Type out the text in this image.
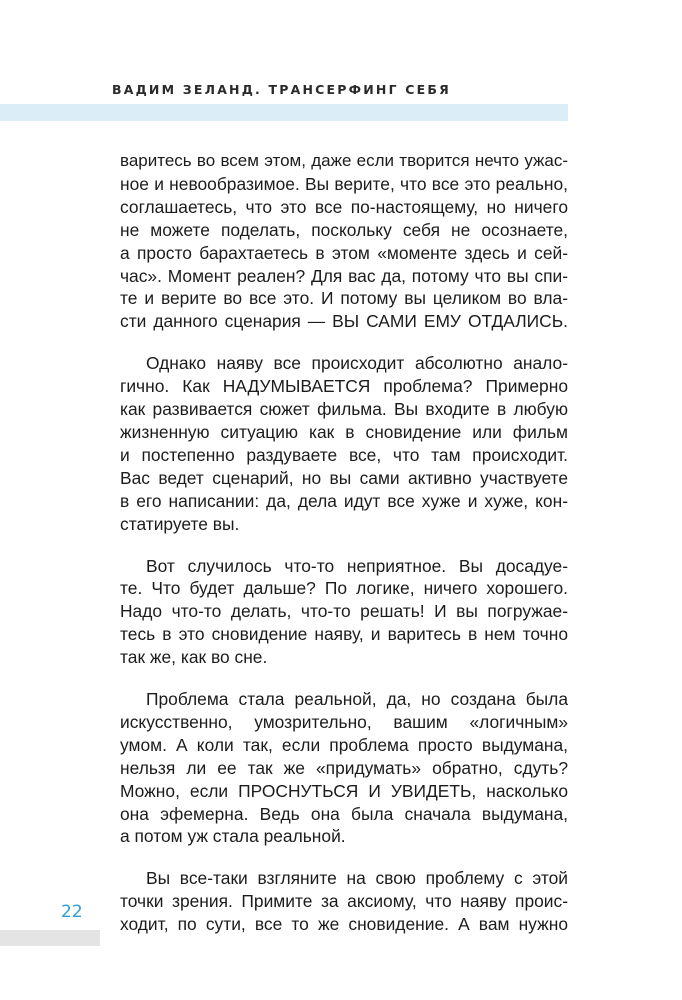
ВАДИМ ЗЕЛАНД. ТРАНСЕРФИНГ СЕБЯ
варитесь во всем этом, даже если творится нечто ужас-
ное и невообразимое. Вы верите, что все это реально,
соглашаетесь, что это все по-настоящему, но ничего
не можете поделать, поскольку себя не осознаете,
а просто барахтаетесь в этом «моменте здесь и сей-
час». Момент реален? Для вас да, потому что вы спи-
те и верите во все это. И потому вы целиком во вла-
сти данного сценария — ВЫ САМИ ЕМУ ОТДАЛИСЬ.
Однако наяву все происходит абсолютно анало-
гично. Как НАДУМЫВАЕТСЯ проблема? Примерно
как развивается сюжет фильма. Вы входите в любую
жизненную ситуацию как в сновидение или фильм
и постепенно раздуваете все, что там происходит.
Вас ведет сценарий, но вы сами активно участвуете
в его написании: да, дела идут все хуже и хуже, кон-
статируете вы.
Вот случилось что-то неприятное. Вы досадуе-
те. Что будет дальше? По логике, ничего хорошего.
Надо что-то делать, что-то решать! И вы погружае-
тесь в это сновидение наяву, и варитесь в нем точно
так же, как во сне.
Проблема стала реальной, да, но создана была
искусственно, умозрительно, вашим «логичным»
умом. А коли так, если проблема просто выдумана,
нельзя ли ее так же «придумать» обратно, сдуть?
Можно, если ПРОСНУТЬСЯ И УВИДЕТЬ, насколько
она эфемерна. Ведь она была сначала выдумана,
а потом уж стала реальной.
Вы все-таки взгляните на свою проблему с этой
точки зрения. Примите за аксиому, что наяву проис-
ходит, по сути, все то же сновидение. А вам нужно
22
